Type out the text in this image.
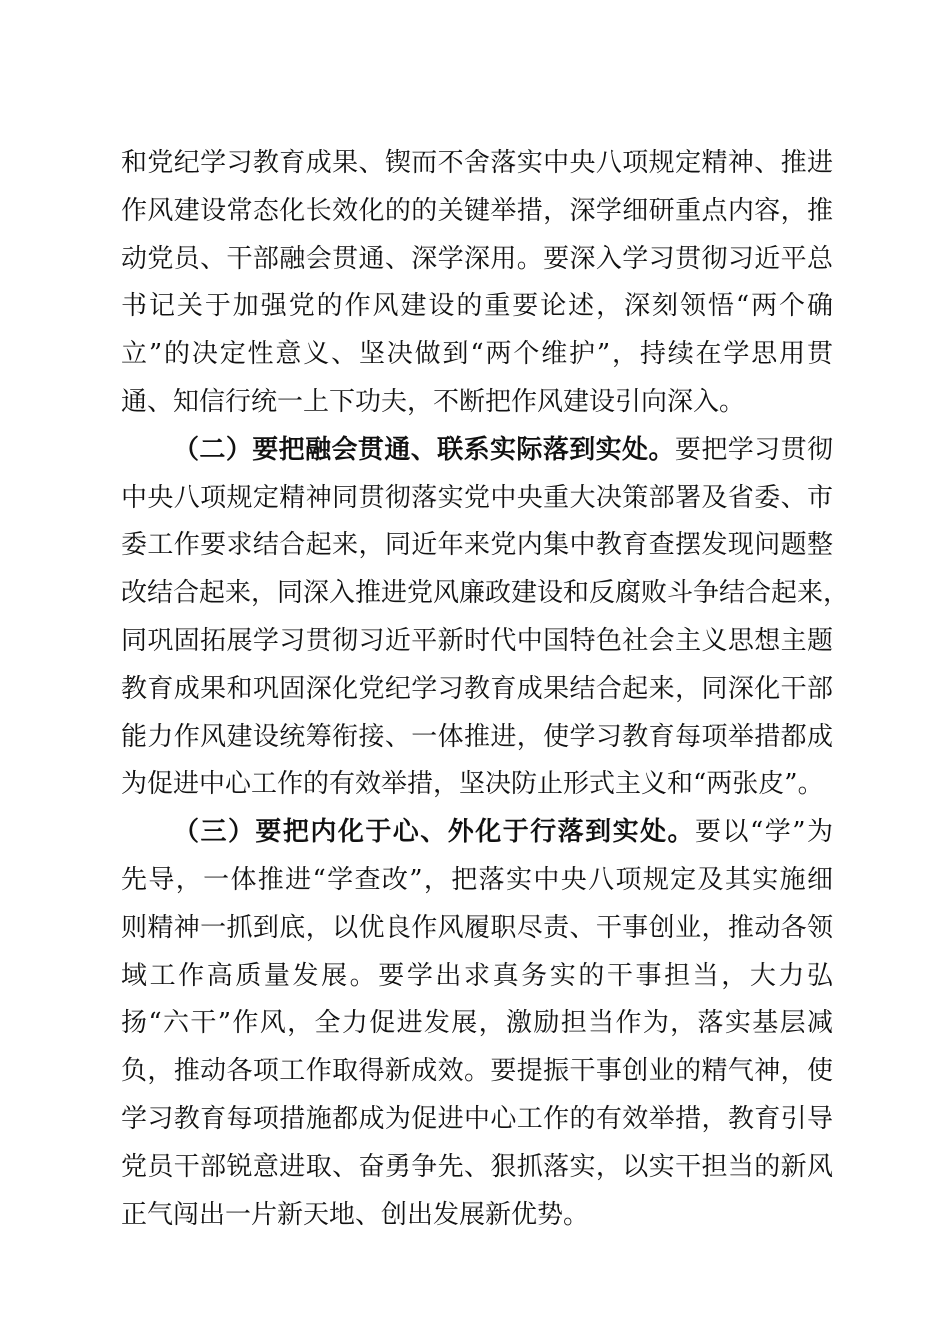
和党纪学习教育成果、锲而不舍落实中央八项规定精神、推进
作风建设常态化长效化的的关键举措，深学细研重点内容，推
动党员、干部融会贯通、深学深用。要深入学习贯彻习近平总
书记关于加强党的作风建设的重要论述，深刻领悟“两个确
立”的决定性意义、坚决做到“两个维护”，持续在学思用贯
通、知信行统一上下功夫，不断把作风建设引向深入。
（二）要把融会贯通、联系实际落到实处。要把学习贯彻
中央八项规定精神同贯彻落实党中央重大决策部署及省委、市
委工作要求结合起来，同近年来党内集中教育查摆发现问题整
改结合起来，同深入推进党风廉政建设和反腐败斗争结合起来，
同巩固拓展学习贯彻习近平新时代中国特色社会主义思想主题
教育成果和巩固深化党纪学习教育成果结合起来，同深化干部
能力作风建设统筹衔接、一体推进，使学习教育每项举措都成
为促进中心工作的有效举措，坚决防止形式主义和“两张皮”。
（三）要把内化于心、外化于行落到实处。要以“学”为
先导，一体推进“学查改”，把落实中央八项规定及其实施细
则精神一抓到底，以优良作风履职尽责、干事创业，推动各领
域工作高质量发展。要学出求真务实的干事担当，大力弘
扬“六干”作风，全力促进发展，激励担当作为，落实基层减
负，推动各项工作取得新成效。要提振干事创业的精气神，使
学习教育每项措施都成为促进中心工作的有效举措，教育引导
党员干部锐意进取、奋勇争先、狠抓落实，以实干担当的新风
正气闯出一片新天地、创出发展新优势。
